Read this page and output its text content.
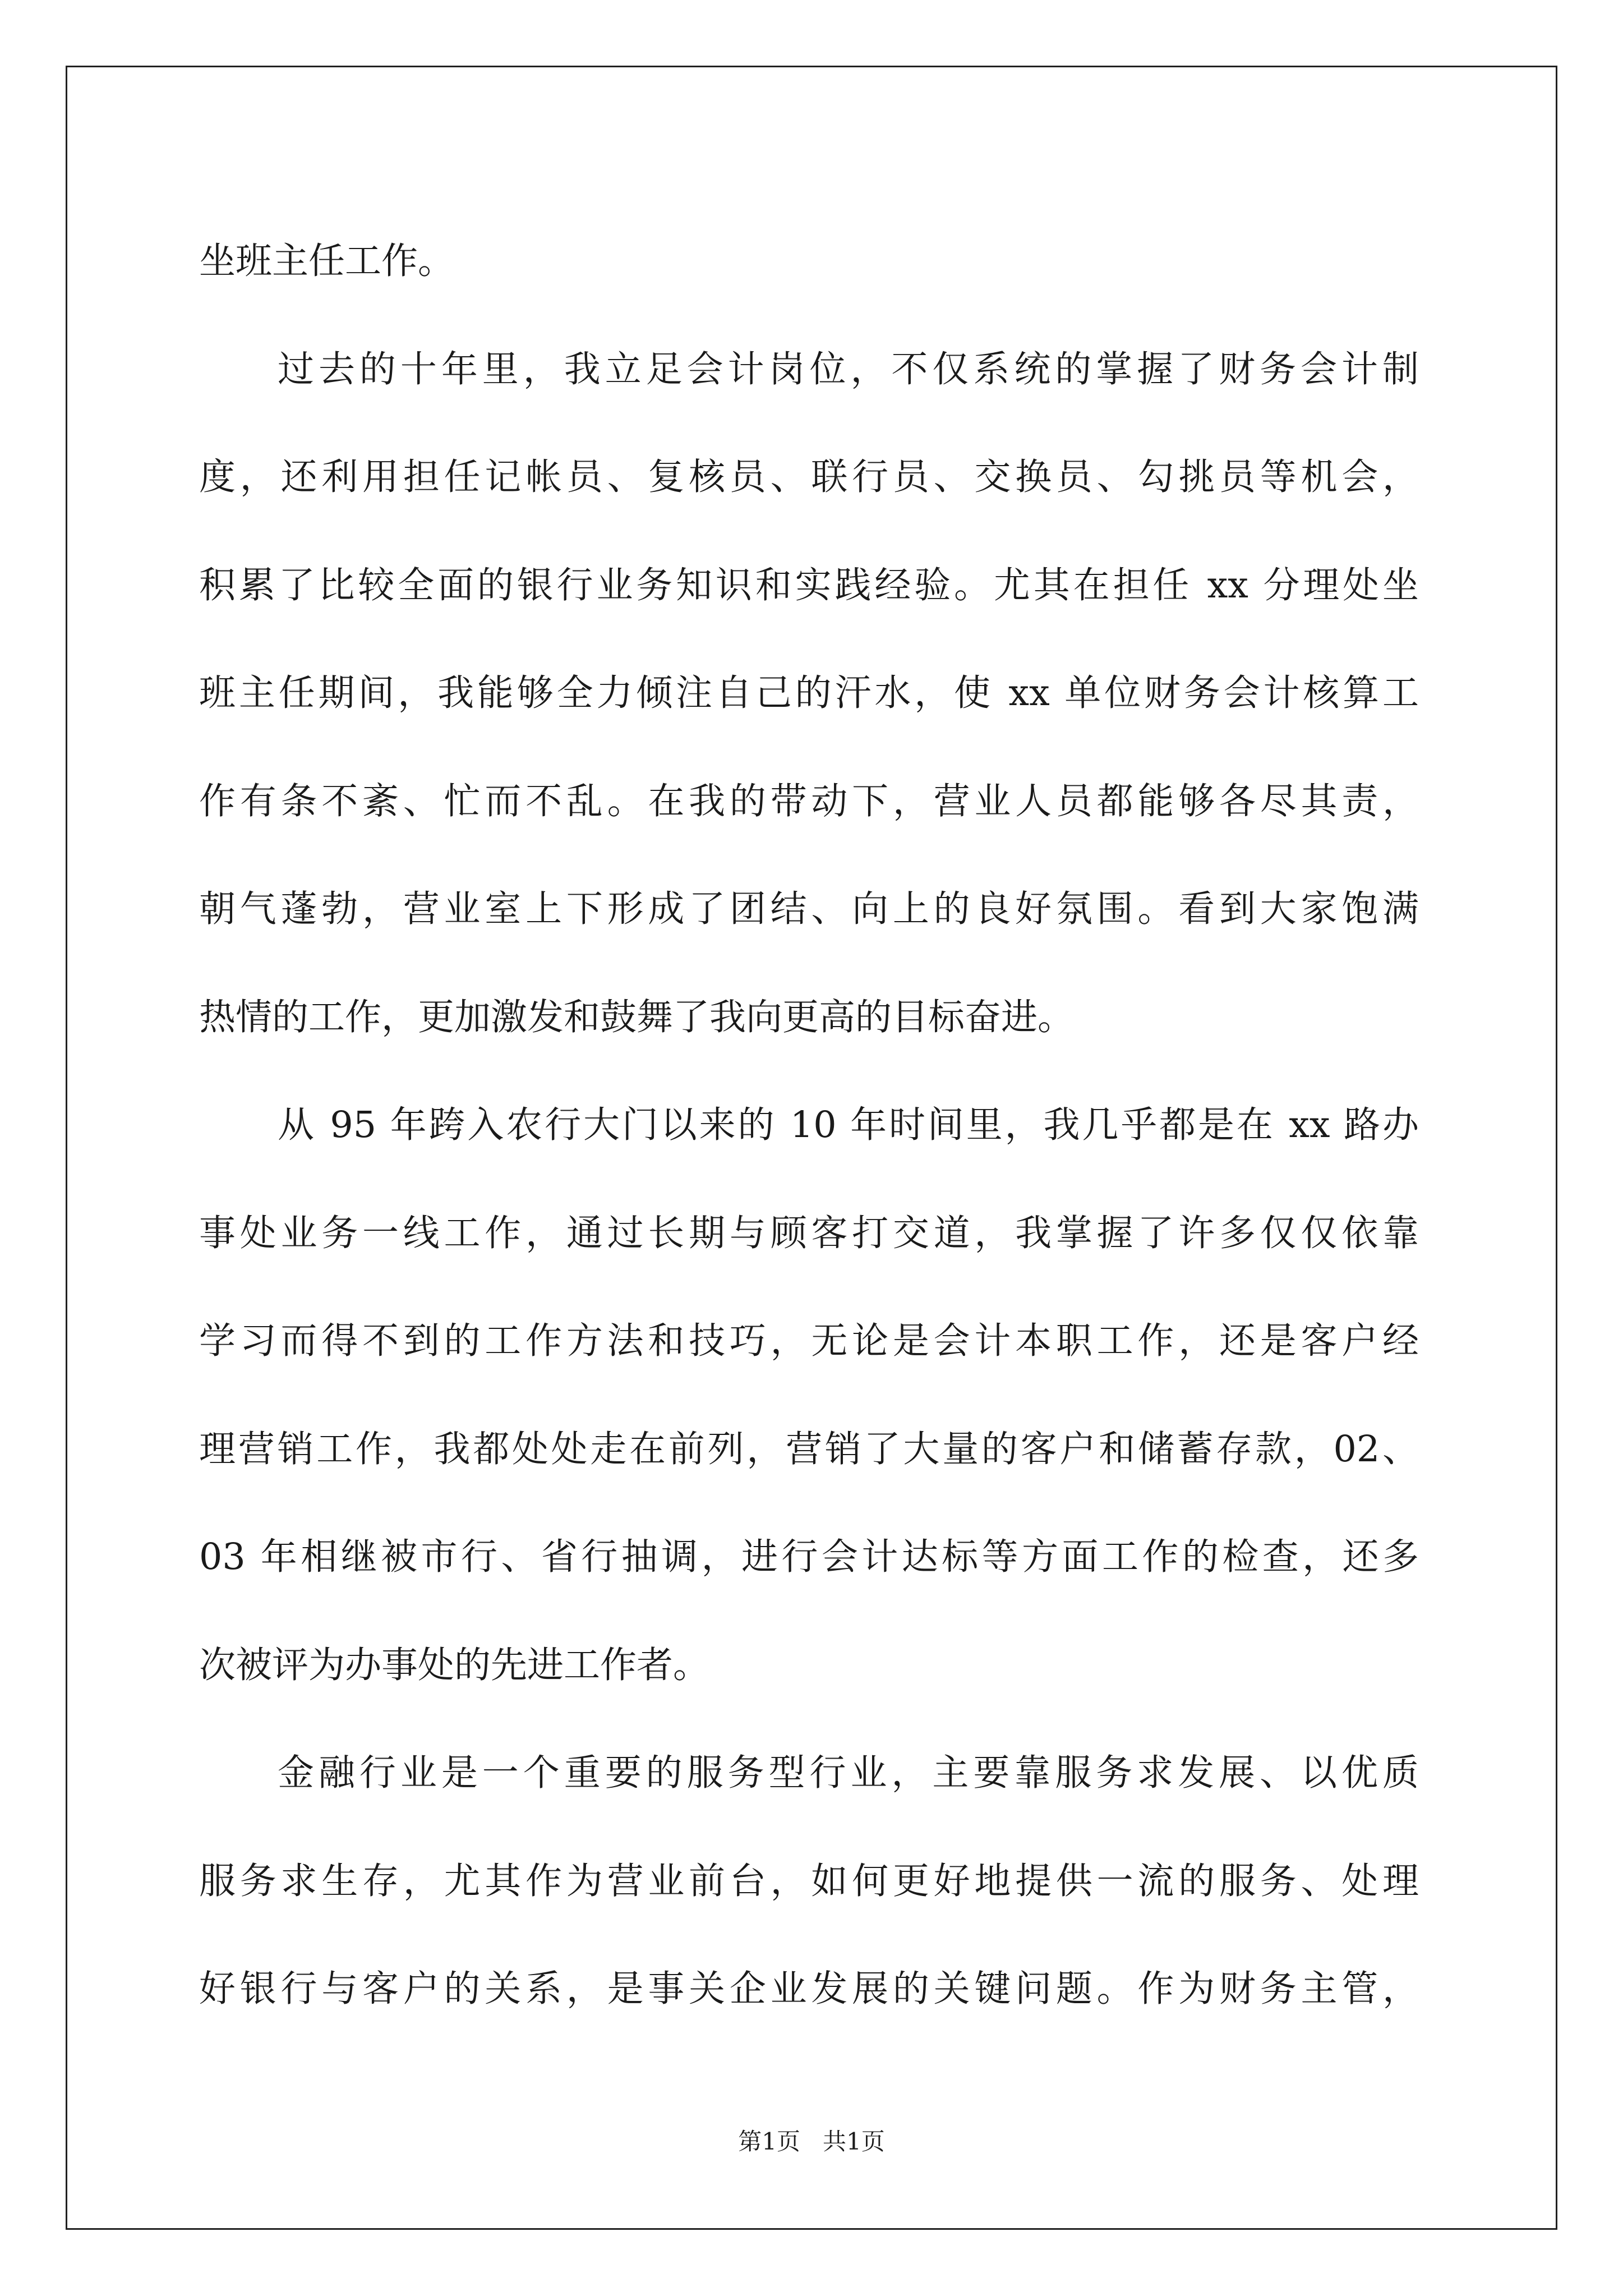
坐班主任工作。
过去的十年里，我立足会计岗位，不仅系统的掌握了财务会计制
度，还利用担任记帐员、复核员、联行员、交换员、勾挑员等机会，
积累了比较全面的银行业务知识和实践经验。尤其在担任 xx 分理处坐
班主任期间，我能够全力倾注自己的汗水，使 xx 单位财务会计核算工
作有条不紊、忙而不乱。在我的带动下，营业人员都能够各尽其责，
朝气蓬勃，营业室上下形成了团结、向上的良好氛围。看到大家饱满
热情的工作，更加激发和鼓舞了我向更高的目标奋进。
从 95 年跨入农行大门以来的 10 年时间里，我几乎都是在 xx 路办
事处业务一线工作，通过长期与顾客打交道，我掌握了许多仅仅依靠
学习而得不到的工作方法和技巧，无论是会计本职工作，还是客户经
理营销工作，我都处处走在前列，营销了大量的客户和储蓄存款，02、
03 年相继被市行、省行抽调，进行会计达标等方面工作的检查，还多
次被评为办事处的先进工作者。
金融行业是一个重要的服务型行业，主要靠服务求发展、以优质
服务求生存，尤其作为营业前台，如何更好地提供一流的服务、处理
好银行与客户的关系，是事关企业发展的关键问题。作为财务主管，
第1页   共1页
